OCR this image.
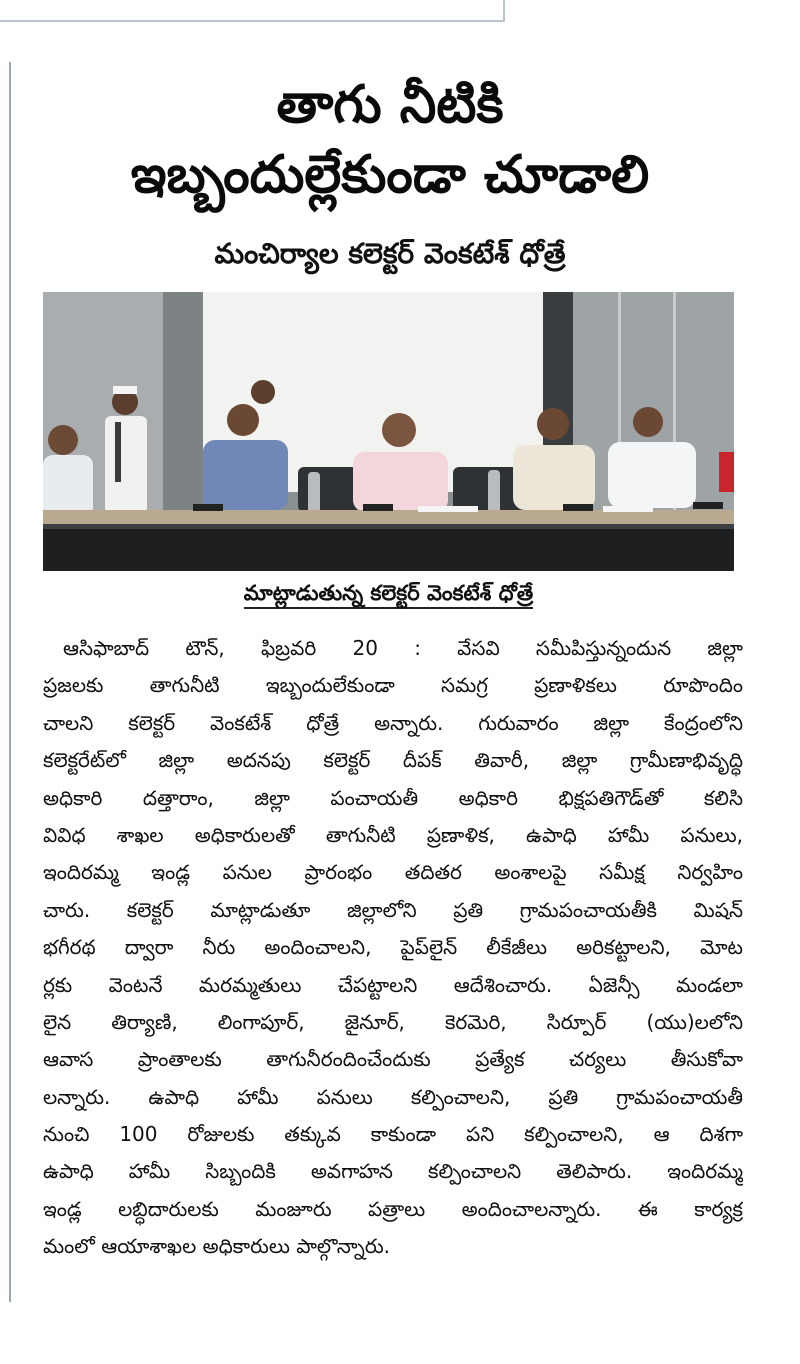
తాగు నీటికి
ఇబ్బందుల్లేకుండా చూడాలి
మంచిర్యాల కలెక్టర్ వెంకటేశ్ ధోత్రే
మాట్లాడుతున్న కలెక్టర్ వెంకటేశ్ ధోత్రే
ఆసిఫాబాద్ టౌన్, ఫిబ్రవరి 20 : వేసవి సమీపిస్తున్నందున జిల్లా
ప్రజలకు తాగునీటి ఇబ్బందులేకుండా సమగ్ర ప్రణాళికలు రూపొందిం
చాలని కలెక్టర్ వెంకటేశ్ ధోత్రే అన్నారు. గురువారం జిల్లా కేంద్రంలోని
కలెక్టరేట్‌లో జిల్లా అదనపు కలెక్టర్ దీపక్ తివారీ, జిల్లా గ్రామీణాభివృద్ధి
అధికారి దత్తారాం, జిల్లా పంచాయతీ అధికారి భిక్షపతిగౌడ్‌తో కలిసి
వివిధ శాఖల అధికారులతో తాగునీటి ప్రణాళిక, ఉపాధి హామీ పనులు,
ఇందిరమ్మ ఇండ్ల పనుల ప్రారంభం తదితర అంశాలపై సమీక్ష నిర్వహిం
చారు. కలెక్టర్ మాట్లాడుతూ జిల్లాలోని ప్రతి గ్రామపంచాయతీకి మిషన్
భగీరథ ద్వారా నీరు అందించాలని, పైప్‌లైన్ లీకేజీలు అరికట్టాలని, మోట
ర్లకు వెంటనే మరమ్మతులు చేపట్టాలని ఆదేశించారు. ఏజెన్సీ మండలా
లైన తిర్యాణి, లింగాపూర్, జైనూర్, కెరమెరి, సిర్పూర్ (యు)లలోని
ఆవాస ప్రాంతాలకు తాగునీరందించేందుకు ప్రత్యేక చర్యలు తీసుకోవా
లన్నారు. ఉపాధి హామీ పనులు కల్పించాలని, ప్రతి గ్రామపంచాయతీ
నుంచి 100 రోజులకు తక్కువ కాకుండా పని కల్పించాలని, ఆ దిశగా
ఉపాధి హామీ సిబ్బందికి అవగాహన కల్పించాలని తెలిపారు. ఇందిరమ్మ
ఇండ్ల లబ్ధిదారులకు మంజూరు పత్రాలు అందించాలన్నారు. ఈ కార్యక్ర
మంలో ఆయాశాఖల అధికారులు పాల్గొన్నారు.
